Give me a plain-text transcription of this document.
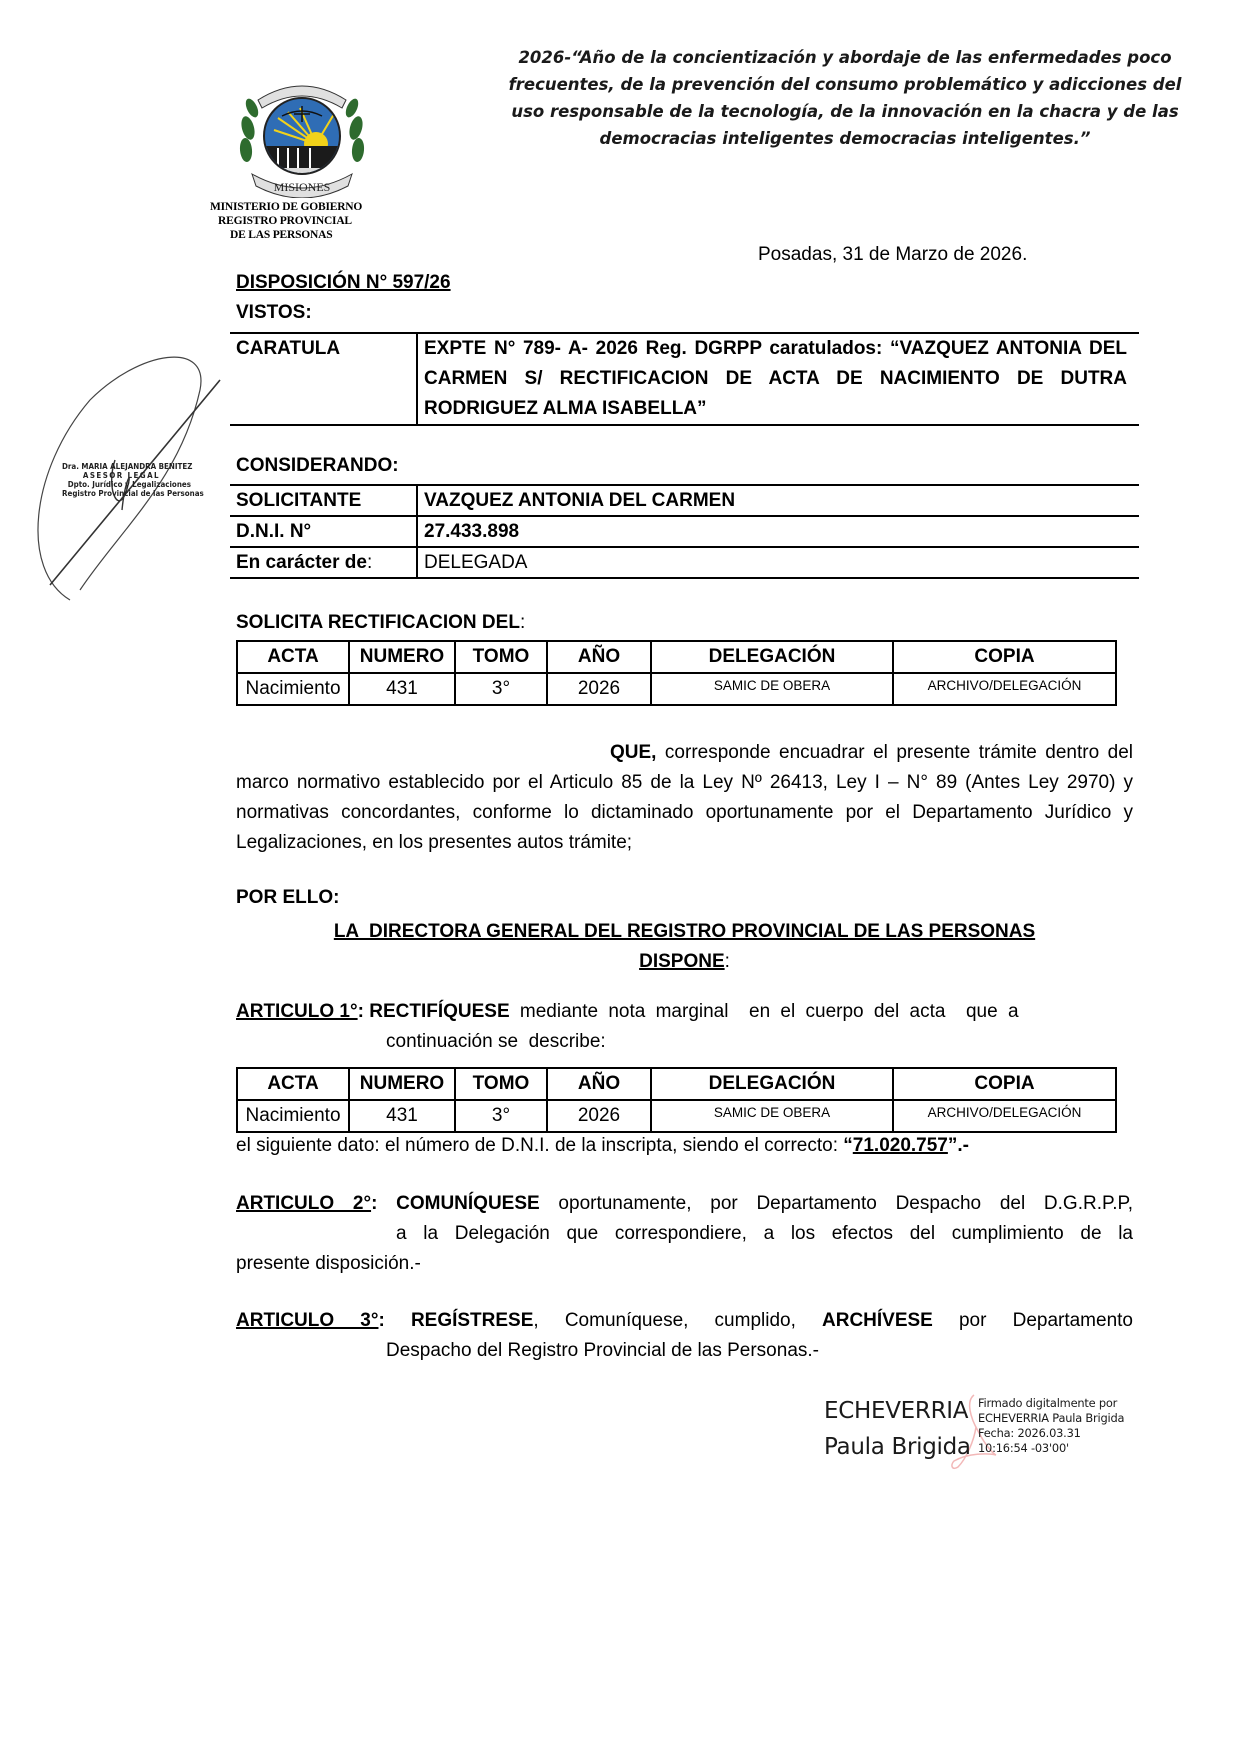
2026-“Año de la concientización y abordaje de las enfermedades poco
frecuentes, de la prevención del consumo problemático y adicciones del
uso responsable de la tecnología, de la innovación en la chacra y de las
democracias inteligentes democracias inteligentes.”
MISIONES
MINISTERIO DE GOBIERNO
REGISTRO PROVINCIAL
DE LAS PERSONAS
Dra. MARIA ALEJANDRA BENITEZ
ASESOR LEGAL
Dpto. Jurídico y Legalizaciones
Registro Provincial de las Personas
Posadas, 31 de Marzo de 2026.
DISPOSICIÓN N° 597/26
VISTOS:
CARATULA	EXPTE N° 789- A- 2026 Reg. DGRPP caratulados: “VAZQUEZ ANTONIA DEL CARMEN S/ RECTIFICACION DE ACTA DE NACIMIENTO DE DUTRA RODRIGUEZ ALMA ISABELLA”
CONSIDERANDO:
SOLICITANTE	VAZQUEZ ANTONIA DEL CARMEN
D.N.I. N°	27.433.898
En carácter de:	DELEGADA
SOLICITA RECTIFICACION DEL:
ACTA	NUMERO	TOMO	AÑO	DELEGACIÓN	COPIA
Nacimiento	431	3°	2026	SAMIC DE OBERA	ARCHIVO/DELEGACIÓN
QUE, corresponde encuadrar el presente trámite dentro del marco normativo establecido por el Articulo 85 de la Ley Nº 26413, Ley I – N° 89 (Antes Ley 2970) y normativas concordantes, conforme lo dictaminado oportunamente por el Departamento Jurídico y Legalizaciones, en los presentes autos trámite;
POR ELLO:
LA  DIRECTORA GENERAL DEL REGISTRO PROVINCIAL DE LAS PERSONAS
DISPONE:
ARTICULO 1°: RECTIFÍQUESE mediante nota marginal  en el cuerpo del acta  que a
continuación se  describe:
ACTA	NUMERO	TOMO	AÑO	DELEGACIÓN	COPIA
Nacimiento	431	3°	2026	SAMIC DE OBERA	ARCHIVO/DELEGACIÓN
el siguiente dato: el número de D.N.I. de la inscripta, siendo el correcto: “71.020.757”.-
ARTICULO 2°: COMUNÍQUESE oportunamente, por Departamento Despacho del D.G.R.P.P,
a la Delegación que correspondiere, a los efectos del cumplimiento de la
presente disposición.-
ARTICULO 3°: REGÍSTRESE, Comuníquese, cumplido, ARCHÍVESE por Departamento
Despacho del Registro Provincial de las Personas.-
ECHEVERRIA
Paula Brigida
Firmado digitalmente por
ECHEVERRIA Paula Brigida
Fecha: 2026.03.31
10:16:54 -03'00'
